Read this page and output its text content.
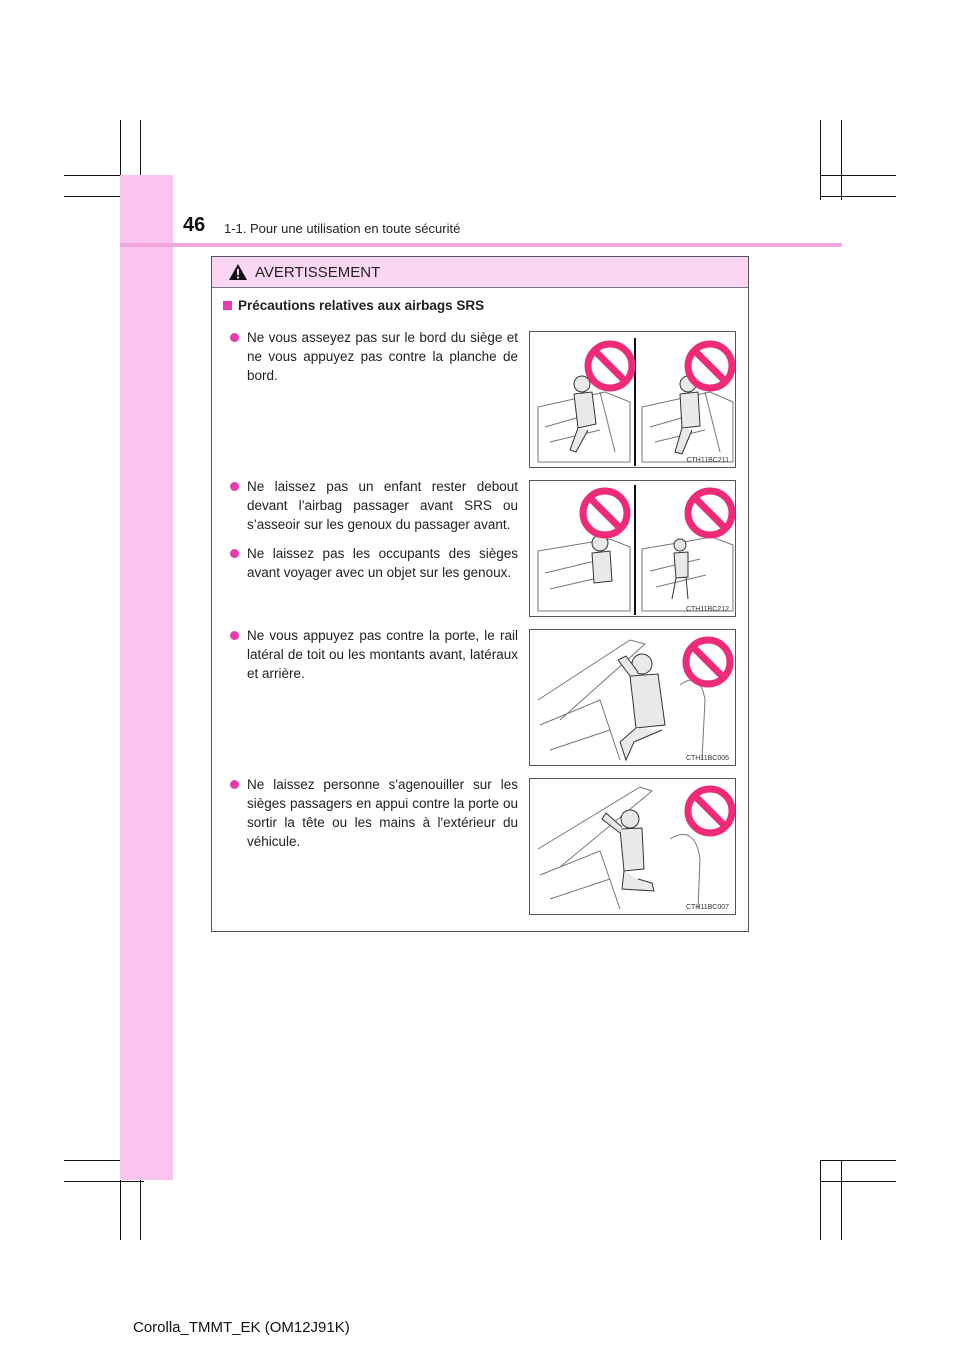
46 1-1. Pour une utilisation en toute sécurité
AVERTISSEMENT
Précautions relatives aux airbags SRS
Ne vous asseyez pas sur le bord du siège et ne vous appuyez pas contre la planche de bord.
Ne laissez pas un enfant rester debout devant l’airbag passager avant SRS ou s’asseoir sur les genoux du passager avant.
Ne laissez pas les occupants des sièges avant voyager avec un objet sur les genoux.
Ne vous appuyez pas contre la porte, le rail latéral de toit ou les montants avant, latéraux et arrière.
Ne laissez personne s'agenouiller sur les sièges passagers en appui contre la porte ou sortir la tête ou les mains à l'extérieur du véhicule.
CTH11BC211
CTH11BC212
CTH11BC006
CTH11BC007
Corolla_TMMT_EK (OM12J91K)
